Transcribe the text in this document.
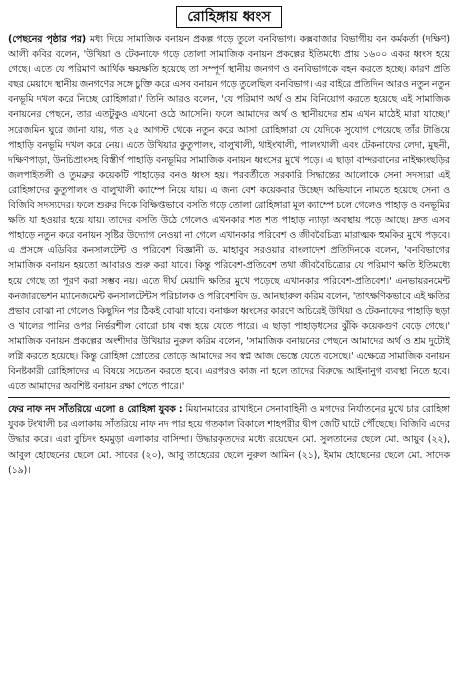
রোহিঙ্গায় ধ্বংস

(পেছনের পৃষ্ঠার পর) মধ্য দিয়ে সামাজিক বনায়ন প্রকল্প গড়ে তুলে বনবিভাগ। কক্সবাজার বিভাগীয় বন কর্মকর্তা (দক্ষিণ) আলী কবির বলেন, 'উখিয়া ও টেকনাফে গড়ে তোলা সামাজিক বনায়ন প্রকল্পের ইতিমধ্যে প্রায় ১৬০০ একর ধ্বংস হয়ে গেছে। এতে যে পরিমাণ আর্থিক ক্ষয়ক্ষতি হয়েছে তা সম্পূর্ণ স্থানীয় জনগণ ও বনবিভাগকে বহন করতে হচ্ছে। কারণ প্রতি বছর মেয়াদে স্থানীয় জনগণের সঙ্গে চুক্তি করে এসব বনায়ন গড়ে তুলেছিল বনবিভাগ। এর বাইরে প্রতিদিন আরও নতুন নতুন বনভূমি দখল করে নিচ্ছে রোহিঙ্গারা।' তিনি আরও বলেন, 'যে পরিমাণ অর্থ ও শ্রম বিনিয়োগ করতে হয়েছে এই সামাজিক বনায়নের পেছনে, তার এতটুকুও এখনো ওঠে আসেনি। ফলে আমাদের অর্থ ও স্থানীয়দের শ্রম এখন মাঠেই মারা যাচ্ছে।' সরেজমিন ঘুরে জানা যায়, গত ২৫ আগস্ট থেকে নতুন করে আসা রোহিঙ্গারা যে যেদিকে সুযোগ পেয়েছে তাঁর টাঙিয়ে পাহাড়ি বনভূমি দখল করে নেয়। এতে উখিয়ার কুতুপালং, বালুখালী, থাইংখালী, পালংখালী এবং টেকনাফের লেদা, মুছনী, দক্ষিণপাড়া, উনচিপ্রাংসহ বিস্তীর্ণ পাহাড়ি বনভূমির সামাজিক বনায়ন ধ্বংসের মুখে পড়ে। এ ছাড়া বান্দরবানের নাইক্ষ্যংছড়ির জলপাইতলী ও তুমব্রুর কয়েকটি পাহাড়ের বনও ধ্বংস হয়। পরবর্তীতে সরকারি সিদ্ধান্তের আলোকে সেনা সদস্যরা এই রোহিঙ্গাদের কুতুপালং ও বালুখালী ক্যাম্পে নিয়ে যায়। এ জন্য বেশ কয়েকবার উচ্ছেদ অভিযানে নামতে হয়েছে সেনা ও বিজিবি সদস্যদের। ফলে শুরুর দিকে বিক্ষিপ্তভাবে বসতি গড়ে তোলা রোহিঙ্গারা মূল ক্যাম্পে চলে গেলেও পাহাড় ও বনভূমির ক্ষতি যা হওয়ার হয়ে যায়। তাদের বসতি উঠে গেলেও এখনকার শত শত পাহাড় ন্যাড়া অবস্থায় পড়ে আছে। দ্রুত এসব পাহাড়ে নতুন করে বনায়ন সৃষ্টির উদ্যোগ নেওয়া না গেলে এখানকার পরিবেশ ও জীববৈচিত্র্য মারাত্মক হুমকির মুখে পড়বে। এ প্রসঙ্গে এডিবির কনসালটেন্ট ও পরিবেশ বিজ্ঞানী ড. মাহাবুব সরওয়ার বাংলাদেশ প্রতিদিনকে বলেন, 'বনবিভাগের সামাজিক বনায়ন হয়তো আবারও শুরু করা যাবে। কিন্তু পরিবেশ-প্রতিবেশ তথা জীববৈচিত্র্যের যে পরিমাণ ক্ষতি ইতিমধ্যে হয়ে গেছে তা পূরণ করা সম্ভব নয়। এতে দীর্ঘ মেয়াদি ক্ষতির মুখে পড়েছে এখানকার পরিবেশ-প্রতিবেশ।' এনভায়রনমেন্ট কনজারভেশন ম্যানেজমেন্ট কনসালটেন্টস পরিচালক ও পরিবেশবিদ ড. আনছারুল করিম বলেন, 'তাৎক্ষণিকভাবে এই ক্ষতির প্রভাব বোঝা না গেলেও কিছুদিন পর ঠিকই বোঝা যাবে। বনাঞ্চল ধ্বংসের কারণে অচিরেই উখিয়া ও টেকনাফের পাহাড়ি ছড়া ও খালের পানির ওপর নির্ভরশীল বোরো চাষ বন্ধ হয়ে যেতে পারে। এ ছাড়া পাহাড়ধসের ঝুঁকি কয়েকগুণ বেড়ে গেছে।' সামাজিক বনায়ন প্রকল্পের অংশীদার উখিয়ার নুরুল করিম বলেন, 'সামাজিক বনায়নের পেছনে আমাদের অর্থ ও শ্রম দুটোই লগ্নি করতে হয়েছে। কিন্তু রোহিঙ্গা স্রোতের তোড়ে আমাদের সব স্বপ্ন আজ ভেস্তে যেতে বসেছে।' এক্ষেত্রে সামাজিক বনায়ন বিনষ্টকারী রোহিঙ্গাদের এ বিষয়ে সচেতন করতে হবে। এরপরও কাজ না হলে তাদের বিরুদ্ধে আইনানুগ ব্যবস্থা নিতে হবে। এতে আমাদের অবশিষ্ট বনায়ন রক্ষা পেতে পারে।'

ফের নাফ নদ সাঁতরিয়ে এলো ৪ রোহিঙ্গা যুবক : মিয়ানমারের রাখাইনে সেনাবাহিনী ও মগদের নির্যাতনের মুখে চার রোহিঙ্গা যুবক টংখালী চর এলাকায় সাঁতরিয়ে নাফ নদ পার হয়ে গতকাল বিকালে শাহপরীর দ্বীপ জেটি ঘাটে পৌঁছেছে। বিজিবি এদের উদ্ধার করে। এরা বুচিদং হমমুড়া এলাকার বাসিন্দা। উদ্ধারকৃতদের মধ্যে রয়েছেন মো. সুলতানের ছেলে মো. আয়ুব (২২), আবুল হোছেনের ছেলে মো. সাবের (২০), আবু তাহেরের ছেলে নুরুল আমিন (২১), ইমাম হোছেনের ছেলে মো. সাদেক (১৯)।
